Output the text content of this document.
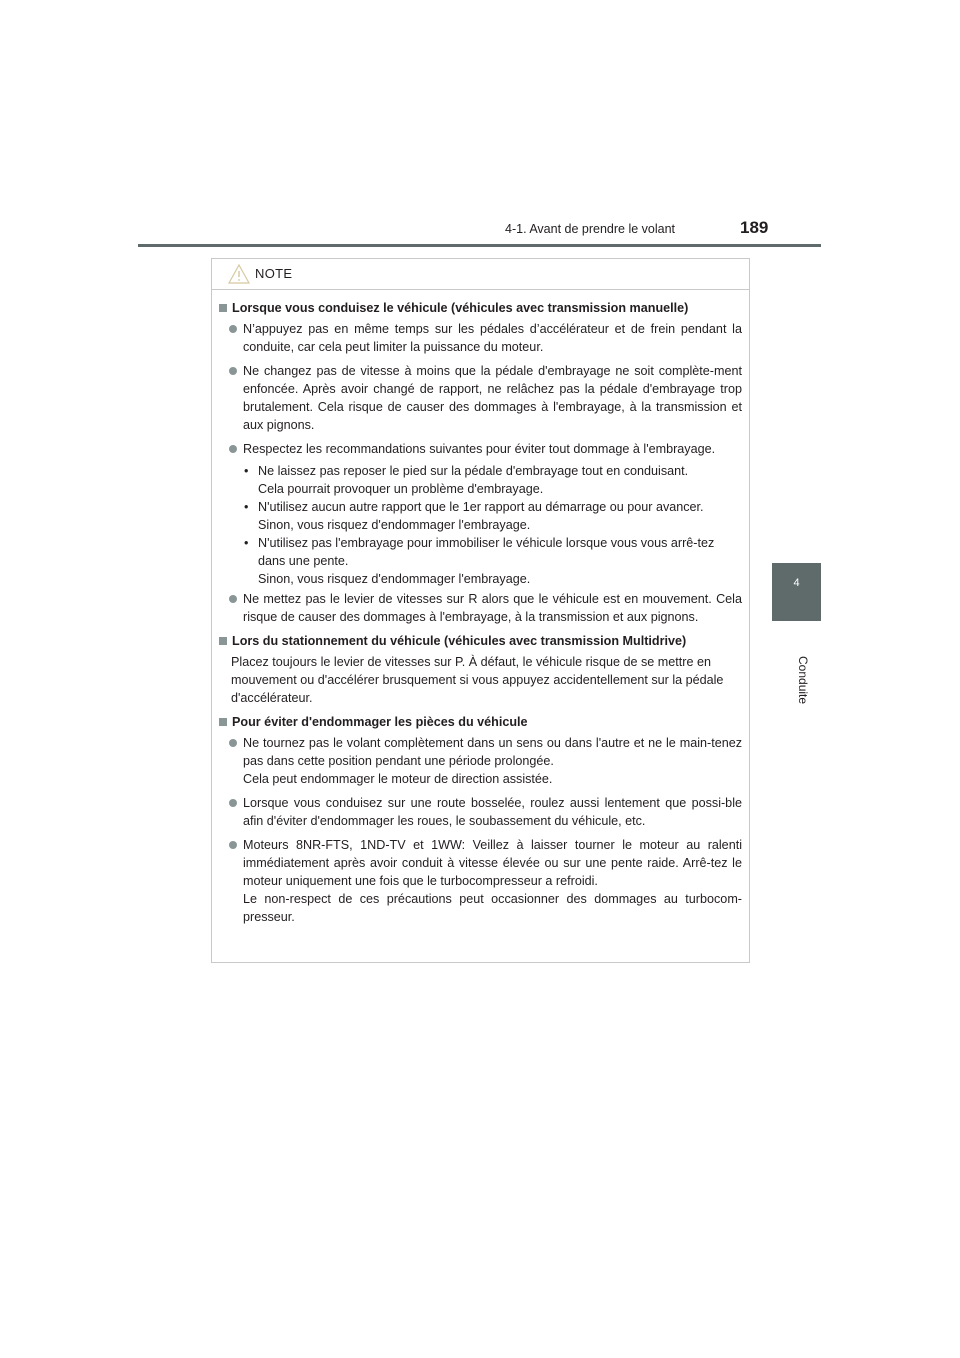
4-1. Avant de prendre le volant	189
4
Conduite
NOTE
Lorsque vous conduisez le véhicule (véhicules avec transmission manuelle)
N’appuyez pas en même temps sur les pédales d’accélérateur et de frein pendant la conduite, car cela peut limiter la puissance du moteur.
Ne changez pas de vitesse à moins que la pédale d'embrayage ne soit complète-ment enfoncée. Après avoir changé de rapport, ne relâchez pas la pédale d'embrayage trop brutalement. Cela risque de causer des dommages à l'embrayage, à la transmission et aux pignons.
Respectez les recommandations suivantes pour éviter tout dommage à l'embrayage.
• Ne laissez pas reposer le pied sur la pédale d'embrayage tout en conduisant.
Cela pourrait provoquer un problème d'embrayage.
• N'utilisez aucun autre rapport que le 1er rapport au démarrage ou pour avancer.
Sinon, vous risquez d'endommager l'embrayage.
• N'utilisez pas l'embrayage pour immobiliser le véhicule lorsque vous vous arrê-tez dans une pente.
Sinon, vous risquez d'endommager l'embrayage.
Ne mettez pas le levier de vitesses sur R alors que le véhicule est en mouvement. Cela risque de causer des dommages à l'embrayage, à la transmission et aux pignons.
Lors du stationnement du véhicule (véhicules avec transmission Multidrive)
Placez toujours le levier de vitesses sur P. À défaut, le véhicule risque de se mettre en mouvement ou d'accélérer brusquement si vous appuyez accidentellement sur la pédale d'accélérateur.
Pour éviter d'endommager les pièces du véhicule
Ne tournez pas le volant complètement dans un sens ou dans l'autre et ne le main-tenez pas dans cette position pendant une période prolongée.
Cela peut endommager le moteur de direction assistée.
Lorsque vous conduisez sur une route bosselée, roulez aussi lentement que possi-ble afin d'éviter d'endommager les roues, le soubassement du véhicule, etc.
Moteurs 8NR-FTS, 1ND-TV et 1WW: Veillez à laisser tourner le moteur au ralenti immédiatement après avoir conduit à vitesse élevée ou sur une pente raide. Arrê-tez le moteur uniquement une fois que le turbocompresseur a refroidi.
Le non-respect de ces précautions peut occasionner des dommages au turbocom-presseur.
